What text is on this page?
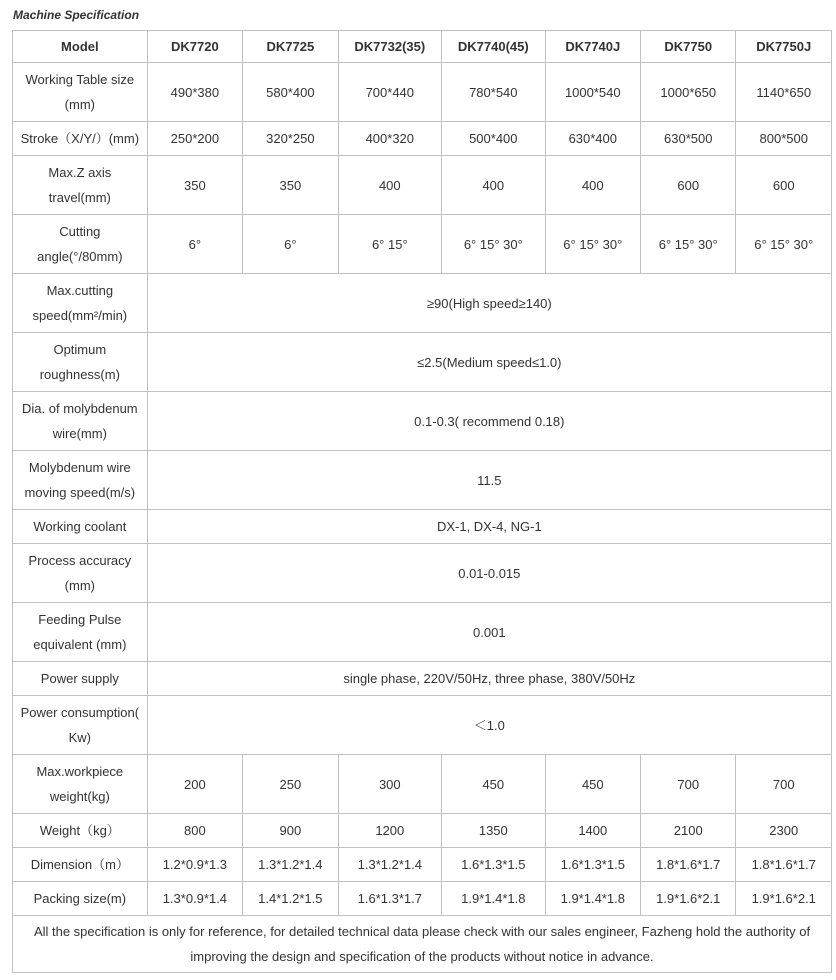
Machine Specification
Model	DK7720	DK7725	DK7732(35)	DK7740(45)	DK7740J	DK7750	DK7750J
Working Table size (mm)	490*380	580*400	700*440	780*540	1000*540	1000*650	1140*650
Stroke（X/Y/）(mm)	250*200	320*250	400*320	500*400	630*400	630*500	800*500
Max.Z axis travel(mm)	350	350	400	400	400	600	600
Cutting angle(°/80mm)	6°	6°	6° 15°	6° 15° 30°	6° 15° 30°	6° 15° 30°	6° 15° 30°
Max.cutting speed(mm²/min)	≥90(High speed≥140)						
Optimum roughness(m)	≤2.5(Medium speed≤1.0)						
Dia. of molybdenum wire(mm)	0.1-0.3( recommend 0.18)						
Molybdenum wire moving speed(m/s)	11.5						
Working coolant	DX-1, DX-4, NG-1						
Process accuracy (mm)	0.01-0.015						
Feeding Pulse equivalent (mm)	0.001						
Power supply	single phase, 220V/50Hz, three phase, 380V/50Hz						
Power consumption( Kw)	＜1.0						
Max.workpiece weight(kg)	200	250	300	450	450	700	700
Weight（kg）	800	900	1200	1350	1400	2100	2300
Dimension（m）	1.2*0.9*1.3	1.3*1.2*1.4	1.3*1.2*1.4	1.6*1.3*1.5	1.6*1.3*1.5	1.8*1.6*1.7	1.8*1.6*1.7
Packing size(m)	1.3*0.9*1.4	1.4*1.2*1.5	1.6*1.3*1.7	1.9*1.4*1.8	1.9*1.4*1.8	1.9*1.6*2.1	1.9*1.6*2.1
All the specification is only for reference, for detailed technical data please check with our sales engineer, Fazheng hold the authority of improving the design and specification of the products without notice in advance.							
